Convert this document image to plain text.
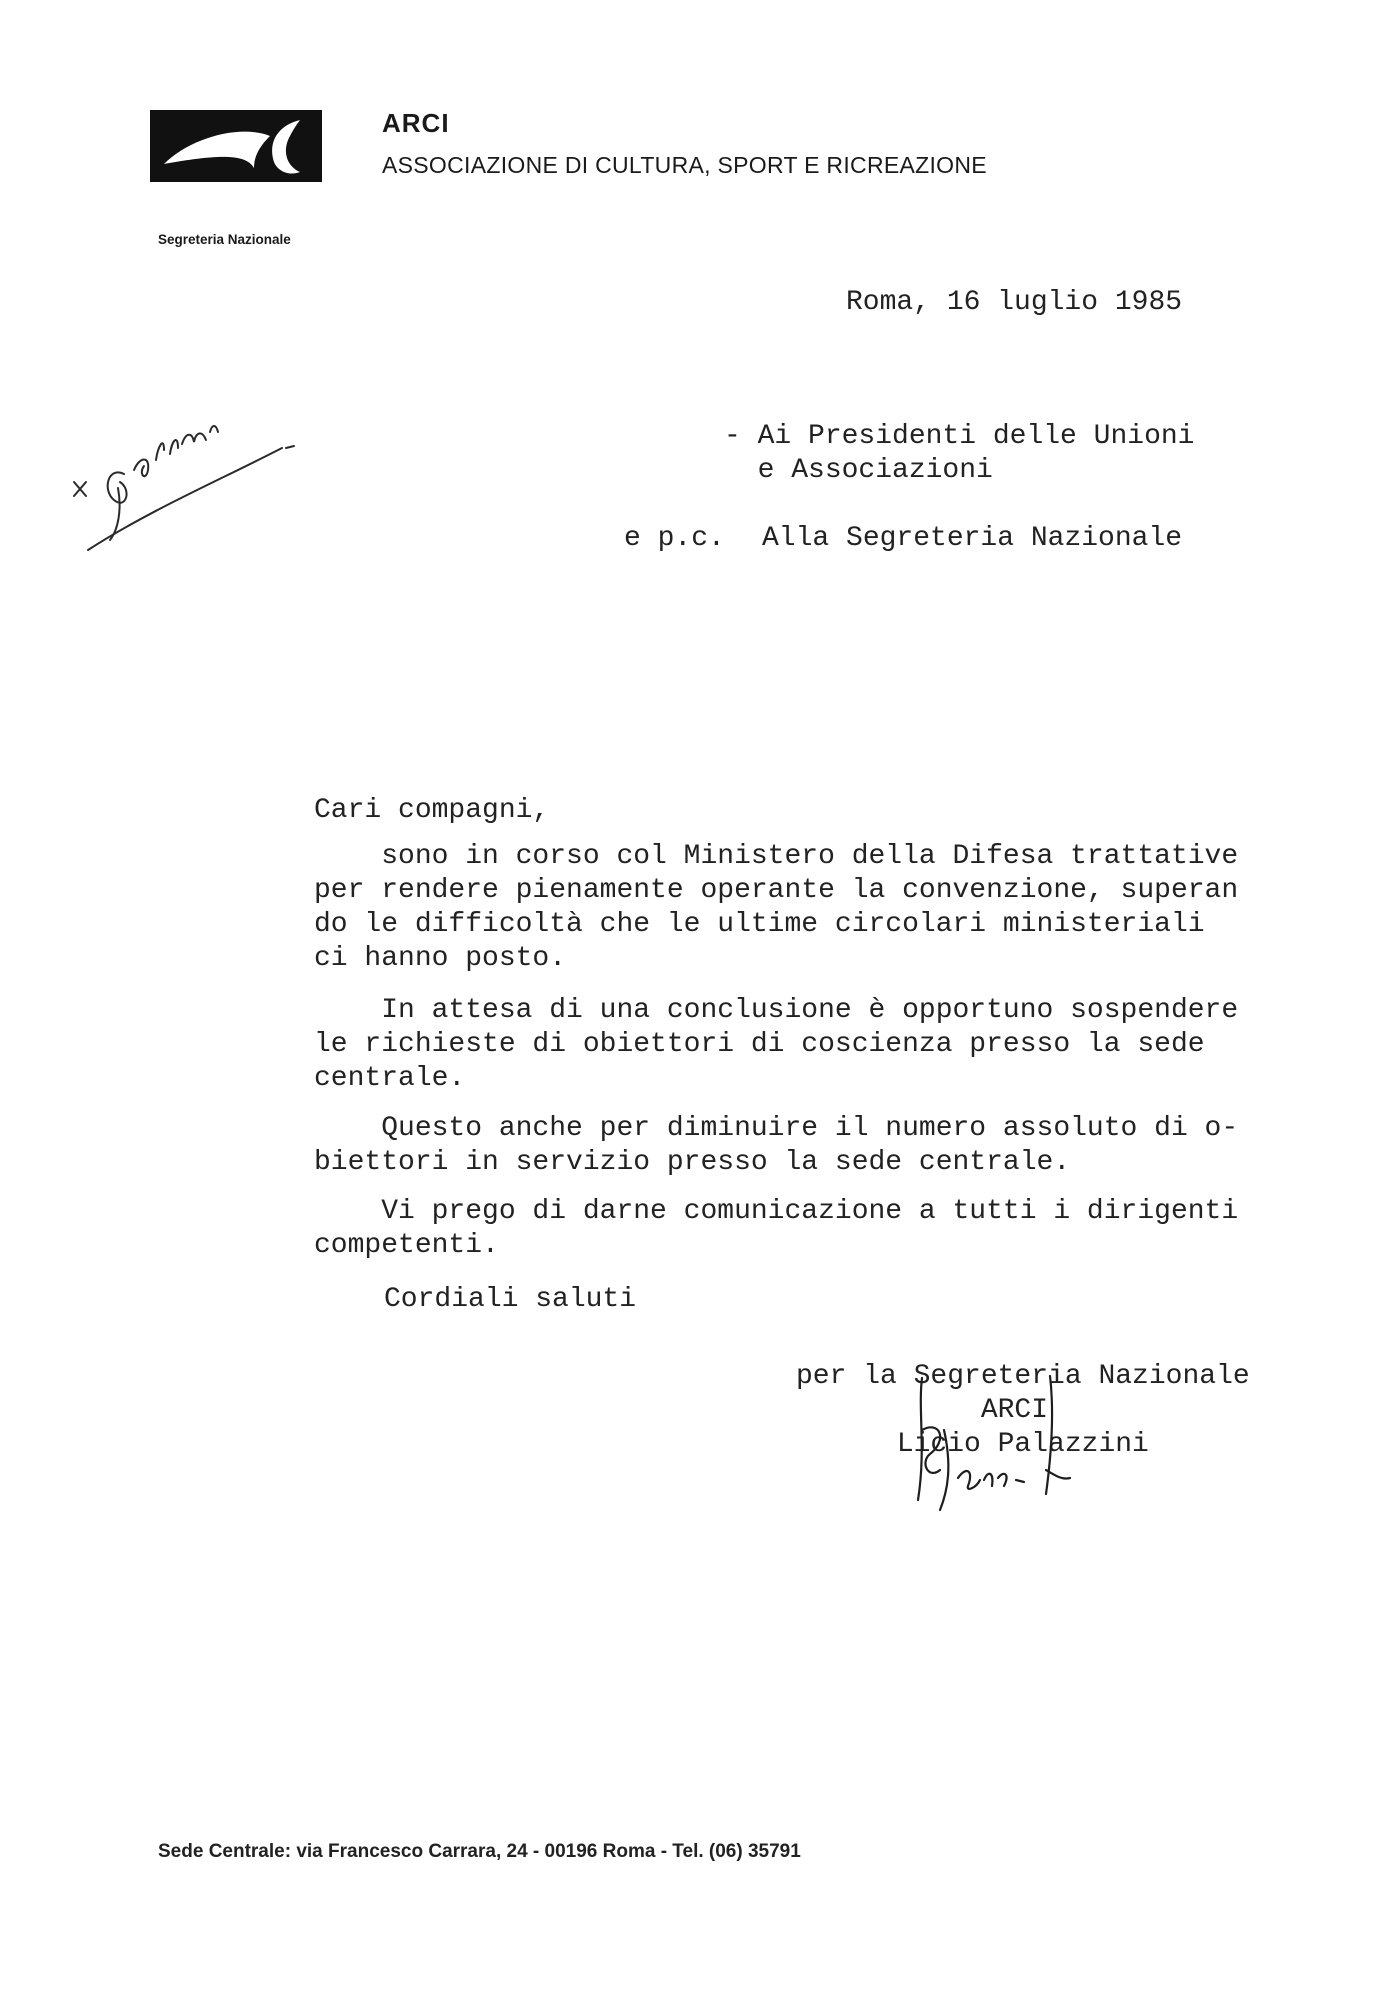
ARCI
ASSOCIAZIONE DI CULTURA, SPORT E RICREAZIONE
Segreteria Nazionale
Roma, 16 luglio 1985
- Ai Presidenti delle Unioni
e Associazioni
e p.c. Alla Segreteria Nazionale
Cari compagni,
sono in corso col Ministero della Difesa trattative
per rendere pienamente operante la convenzione, superan
do le difficoltà che le ultime circolari ministeriali
ci hanno posto.
In attesa di una conclusione è opportuno sospendere
le richieste di obiettori di coscienza presso la sede
centrale.
Questo anche per diminuire il numero assoluto di o-
biettori in servizio presso la sede centrale.
Vi prego di darne comunicazione a tutti i dirigenti
competenti.
Cordiali saluti
per la Segreteria Nazionale
ARCI
Licio Palazzini
Sede Centrale: via Francesco Carrara, 24 - 00196 Roma - Tel. (06) 35791
